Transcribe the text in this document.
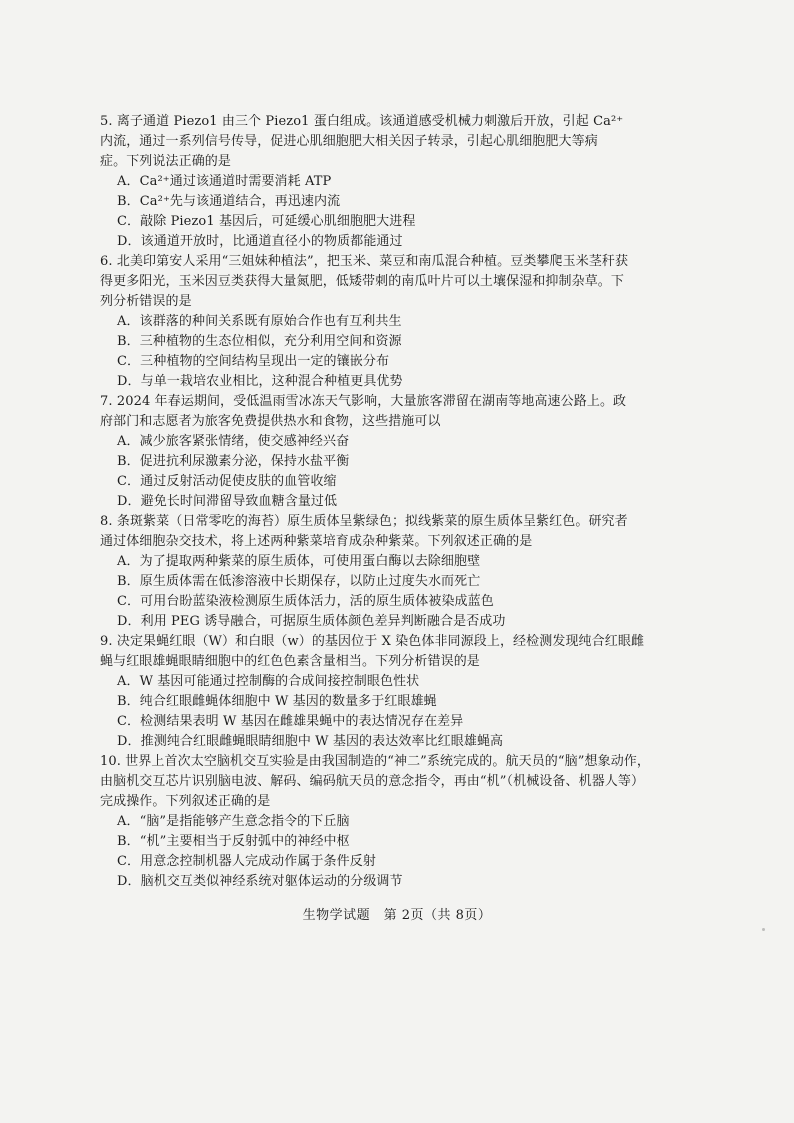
5. 离子通道 Piezo1 由三个 Piezo1 蛋白组成。该通道感受机械力刺激后开放，引起 Ca²⁺

内流，通过一系列信号传导，促进心肌细胞肥大相关因子转录，引起心肌细胞肥大等病

症。下列说法正确的是

A．Ca²⁺通过该通道时需要消耗 ATP

B．Ca²⁺先与该通道结合，再迅速内流

C．敲除 Piezo1 基因后，可延缓心肌细胞肥大进程

D．该通道开放时，比通道直径小的物质都能通过

6. 北美印第安人采用“三姐妹种植法”，把玉米、菜豆和南瓜混合种植。豆类攀爬玉米茎秆获

得更多阳光，玉米因豆类获得大量氮肥，低矮带刺的南瓜叶片可以土壤保湿和抑制杂草。下

列分析错误的是

A．该群落的种间关系既有原始合作也有互利共生

B．三种植物的生态位相似，充分利用空间和资源

C．三种植物的空间结构呈现出一定的镶嵌分布

D．与单一栽培农业相比，这种混合种植更具优势

7. 2024 年春运期间，受低温雨雪冰冻天气影响，大量旅客滞留在湖南等地高速公路上。政

府部门和志愿者为旅客免费提供热水和食物，这些措施可以

A．减少旅客紧张情绪，使交感神经兴奋

B．促进抗利尿激素分泌，保持水盐平衡

C．通过反射活动促使皮肤的血管收缩

D．避免长时间滞留导致血糖含量过低

8. 条斑紫菜（日常零吃的海苔）原生质体呈紫绿色；拟线紫菜的原生质体呈紫红色。研究者

通过体细胞杂交技术，将上述两种紫菜培育成杂种紫菜。下列叙述正确的是

A．为了提取两种紫菜的原生质体，可使用蛋白酶以去除细胞壁

B．原生质体需在低渗溶液中长期保存，以防止过度失水而死亡

C．可用台盼蓝染液检测原生质体活力，活的原生质体被染成蓝色

D．利用 PEG 诱导融合，可据原生质体颜色差异判断融合是否成功

9. 决定果蝇红眼（W）和白眼（w）的基因位于 X 染色体非同源段上，经检测发现纯合红眼雌

蝇与红眼雄蝇眼睛细胞中的红色色素含量相当。下列分析错误的是

A．W 基因可能通过控制酶的合成间接控制眼色性状

B．纯合红眼雌蝇体细胞中 W 基因的数量多于红眼雄蝇

C．检测结果表明 W 基因在雌雄果蝇中的表达情况存在差异

D．推测纯合红眼雌蝇眼睛细胞中 W 基因的表达效率比红眼雄蝇高

10. 世界上首次太空脑机交互实验是由我国制造的“神二”系统完成的。航天员的“脑”想象动作，

由脑机交互芯片识别脑电波、解码、编码航天员的意念指令，再由“机”（机械设备、机器人等）

完成操作。下列叙述正确的是

A．“脑”是指能够产生意念指令的下丘脑

B．“机”主要相当于反射弧中的神经中枢

C．用意念控制机器人完成动作属于条件反射

D．脑机交互类似神经系统对躯体运动的分级调节

生物学试题　第 2页（共 8页）
